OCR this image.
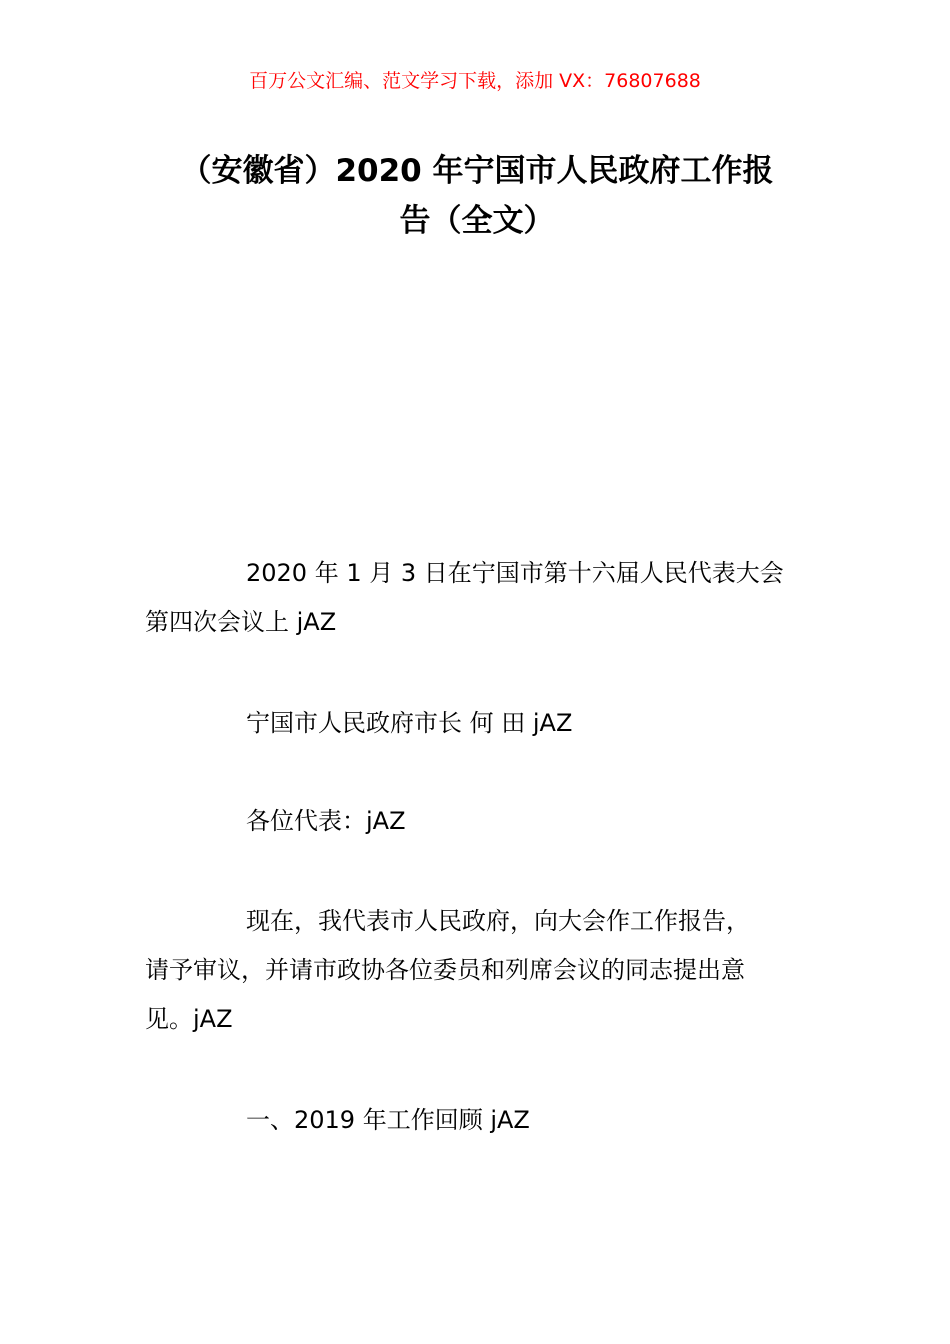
百万公文汇编、范文学习下载，添加 VX：76807688
（安徽省）2020 年宁国市人民政府工作报
告（全文）
2020 年 1 月 3 日在宁国市第十六届人民代表大会
第四次会议上 jAZ
宁国市人民政府市长 何 田 jAZ
各位代表：jAZ
现在，我代表市人民政府，向大会作工作报告，
请予审议，并请市政协各位委员和列席会议的同志提出意
见。jAZ
一、2019 年工作回顾 jAZ
